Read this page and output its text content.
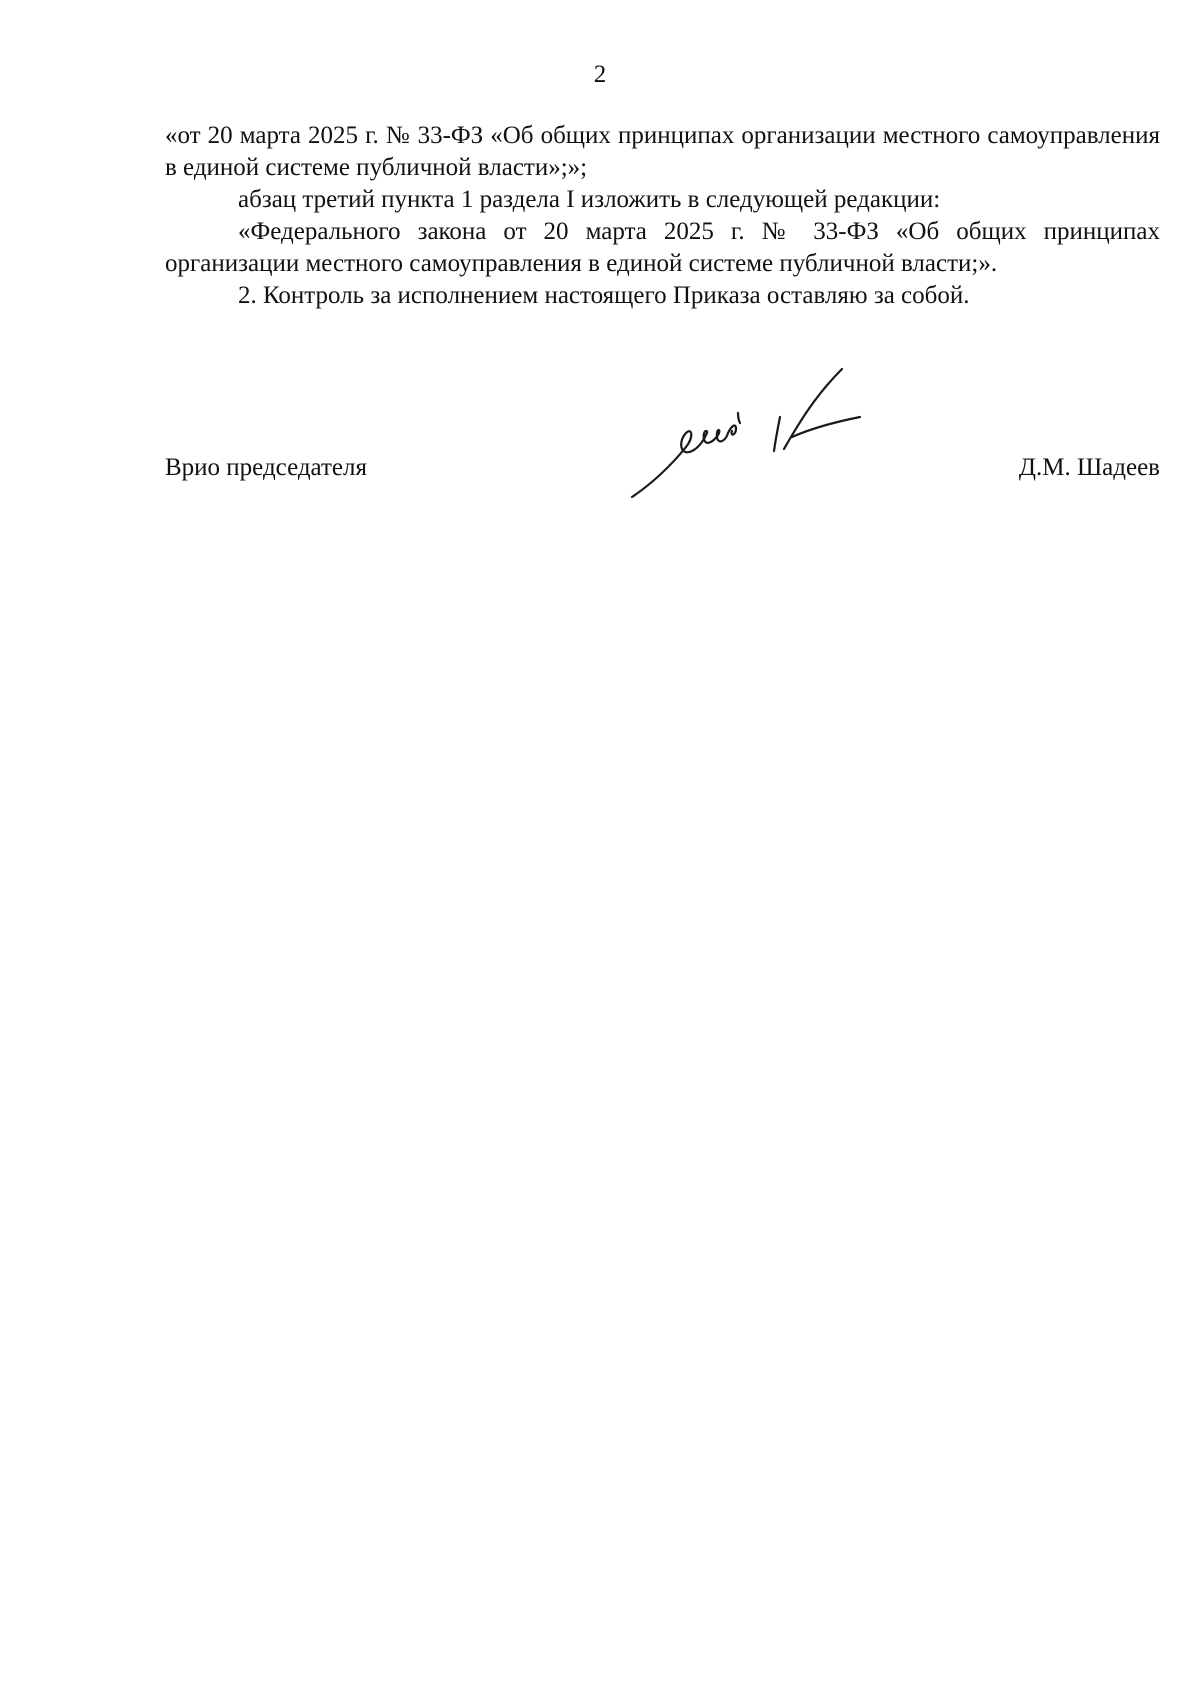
2

«от 20 марта 2025 г. № 33-ФЗ «Об общих принципах организации местного самоуправления в единой системе публичной власти»;»;

абзац третий пункта 1 раздела I изложить в следующей редакции:

«Федерального закона от 20 марта 2025 г. № 33-ФЗ «Об общих принципах организации местного самоуправления в единой системе публичной власти;».

2. Контроль за исполнением настоящего Приказа оставляю за собой.

Врио председателя	Д.М. Шадеев
